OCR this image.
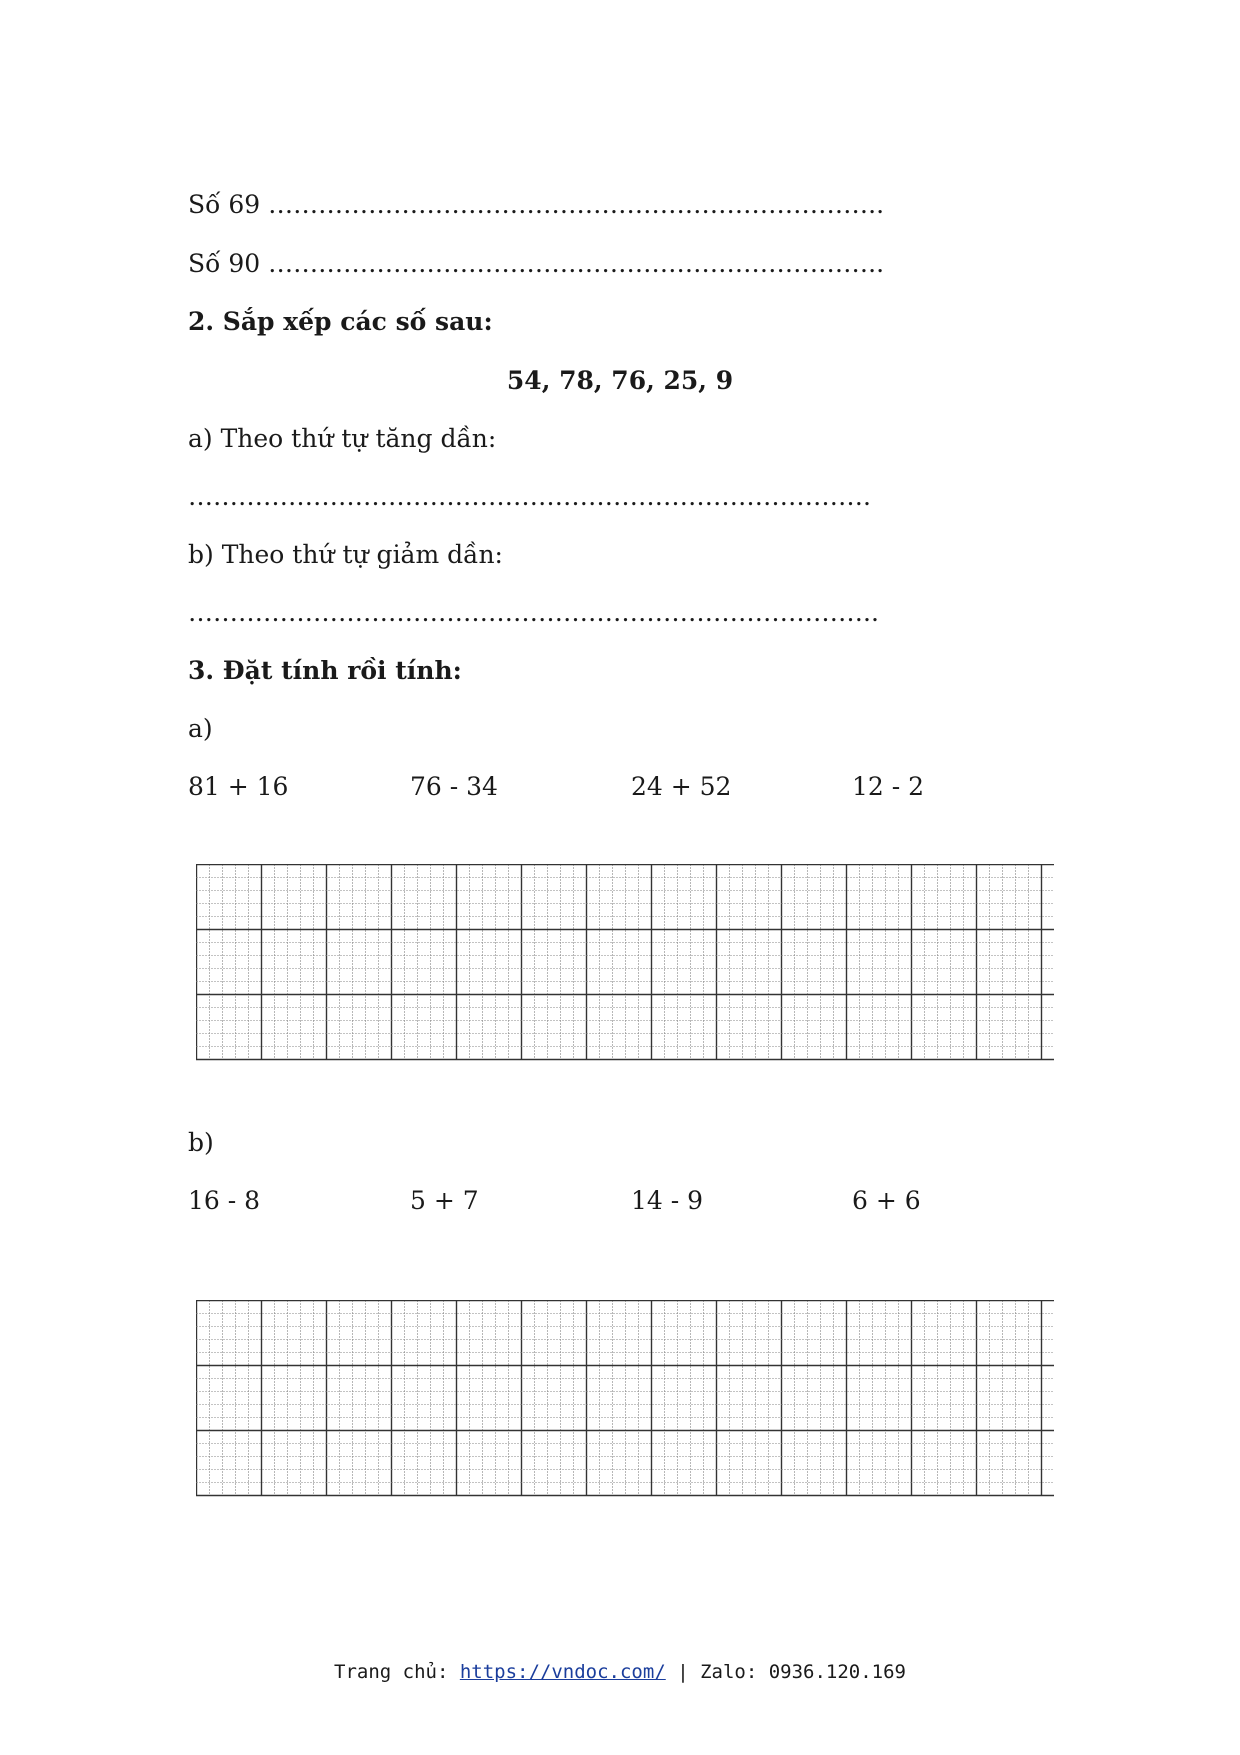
Số 69 ………………………………………………………………..
Số 90 ………………………………………………………………..
2. Sắp xếp các số sau:
54, 78, 76, 25, 9
a) Theo thứ tự tăng dần:
……………………………………………………………………….
b) Theo thứ tự giảm dần:
………………………………………………………………………..
3. Đặt tính rồi tính:
a)
81 + 16	76 - 34	24 + 52	12 - 2
b)
16 - 8	5 + 7	14 - 9	6 + 6
Trang chủ: https://vndoc.com/ | Zalo: 0936.120.169
